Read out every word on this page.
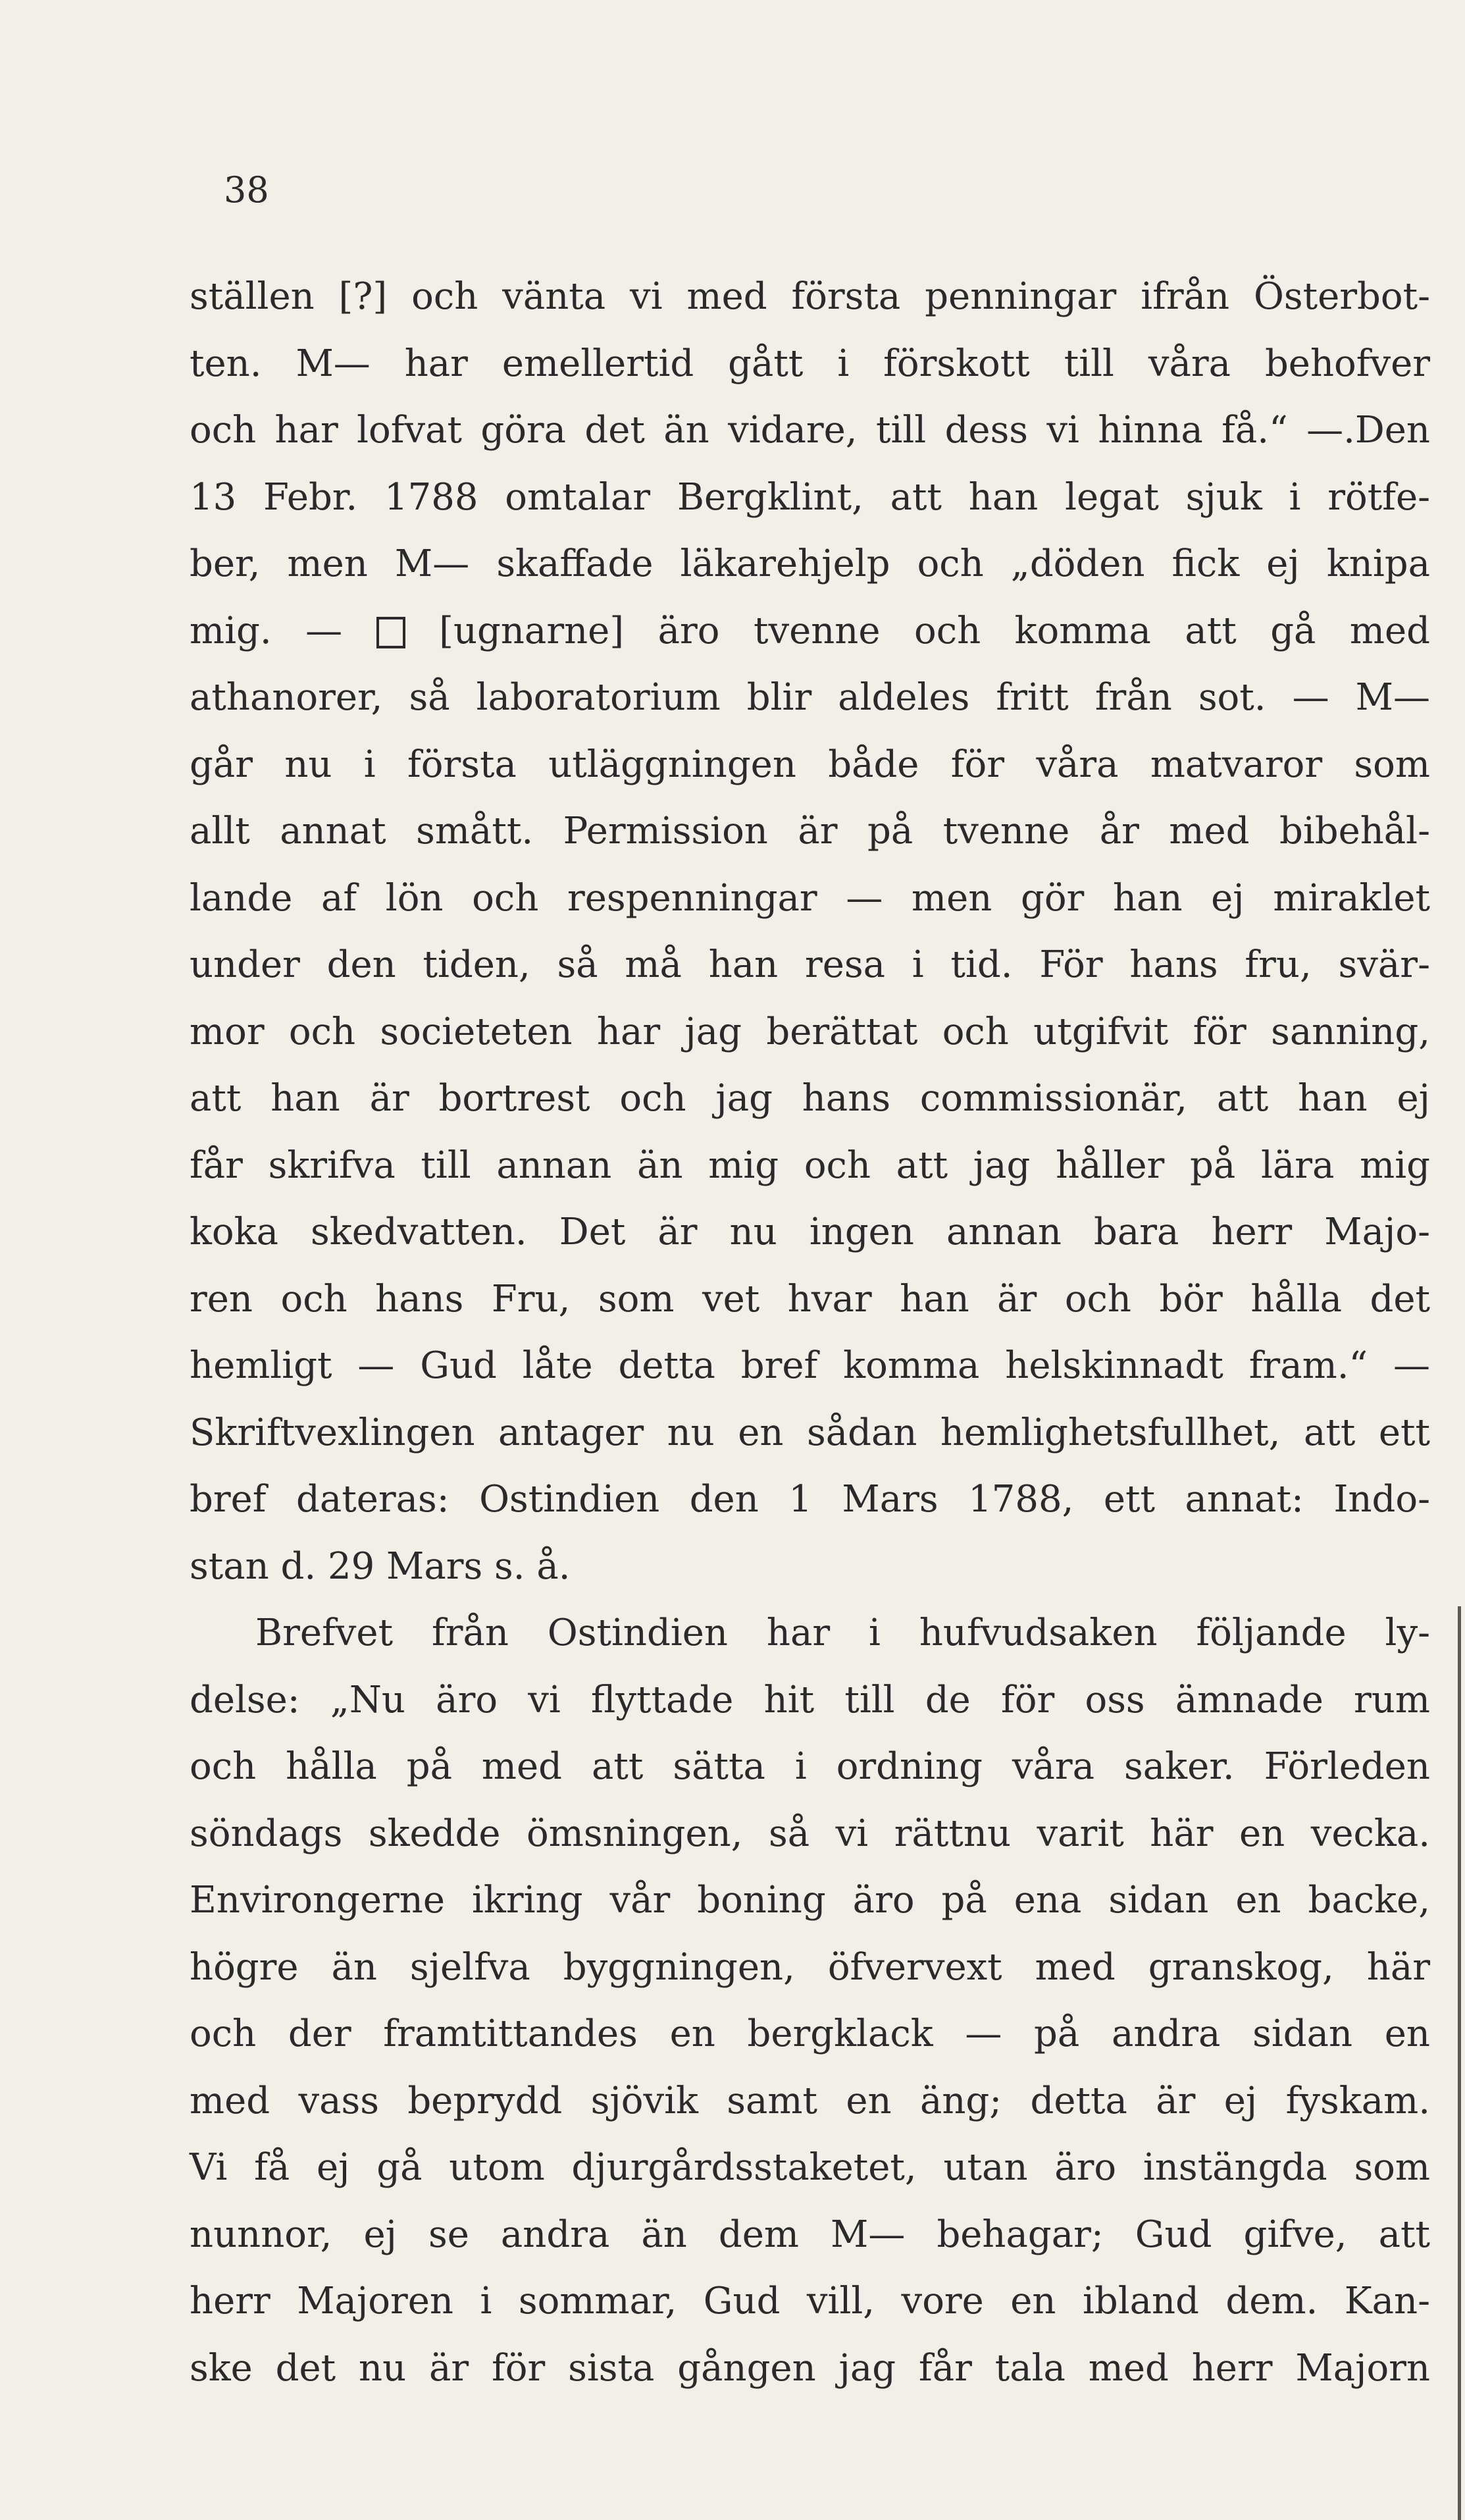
38
ställen [?] och vänta vi med första penningar ifrån Österbot-
ten. M— har emellertid gått i förskott till våra behofver
och har lofvat göra det än vidare, till dess vi hinna få.“ —.Den
13 Febr. 1788 omtalar Bergklint, att han legat sjuk i rötfe-
ber, men M— skaffade läkarehjelp och „döden fick ej knipa
mig. —  [ugnarne] äro tvenne och komma att gå med
athanorer, så laboratorium blir aldeles fritt från sot. — M—
går nu i första utläggningen både för våra matvaror som
allt annat smått. Permission är på tvenne år med bibehål-
lande af lön och respenningar — men gör han ej miraklet
under den tiden, så må han resa i tid. För hans fru, svär-
mor och societeten har jag berättat och utgifvit för sanning,
att han är bortrest och jag hans commissionär, att han ej
får skrifva till annan än mig och att jag håller på lära mig
koka skedvatten. Det är nu ingen annan bara herr Majo-
ren och hans Fru, som vet hvar han är och bör hålla det
hemligt — Gud låte detta bref komma helskinnadt fram.“ —
Skriftvexlingen antager nu en sådan hemlighetsfullhet, att ett
bref dateras: Ostindien den 1 Mars 1788, ett annat: Indo-
stan d. 29 Mars s. å.
Brefvet från Ostindien har i hufvudsaken följande ly-
delse: „Nu äro vi flyttade hit till de för oss ämnade rum
och hålla på med att sätta i ordning våra saker. Förleden
söndags skedde ömsningen, så vi rättnu varit här en vecka.
Environgerne ikring vår boning äro på ena sidan en backe,
högre än sjelfva byggningen, öfvervext med granskog, här
och der framtittandes en bergklack — på andra sidan en
med vass beprydd sjövik samt en äng; detta är ej fyskam.
Vi få ej gå utom djurgårdsstaketet, utan äro instängda som
nunnor, ej se andra än dem M— behagar; Gud gifve, att
herr Majoren i sommar, Gud vill, vore en ibland dem. Kan-
ske det nu är för sista gången jag får tala med herr Majorn
